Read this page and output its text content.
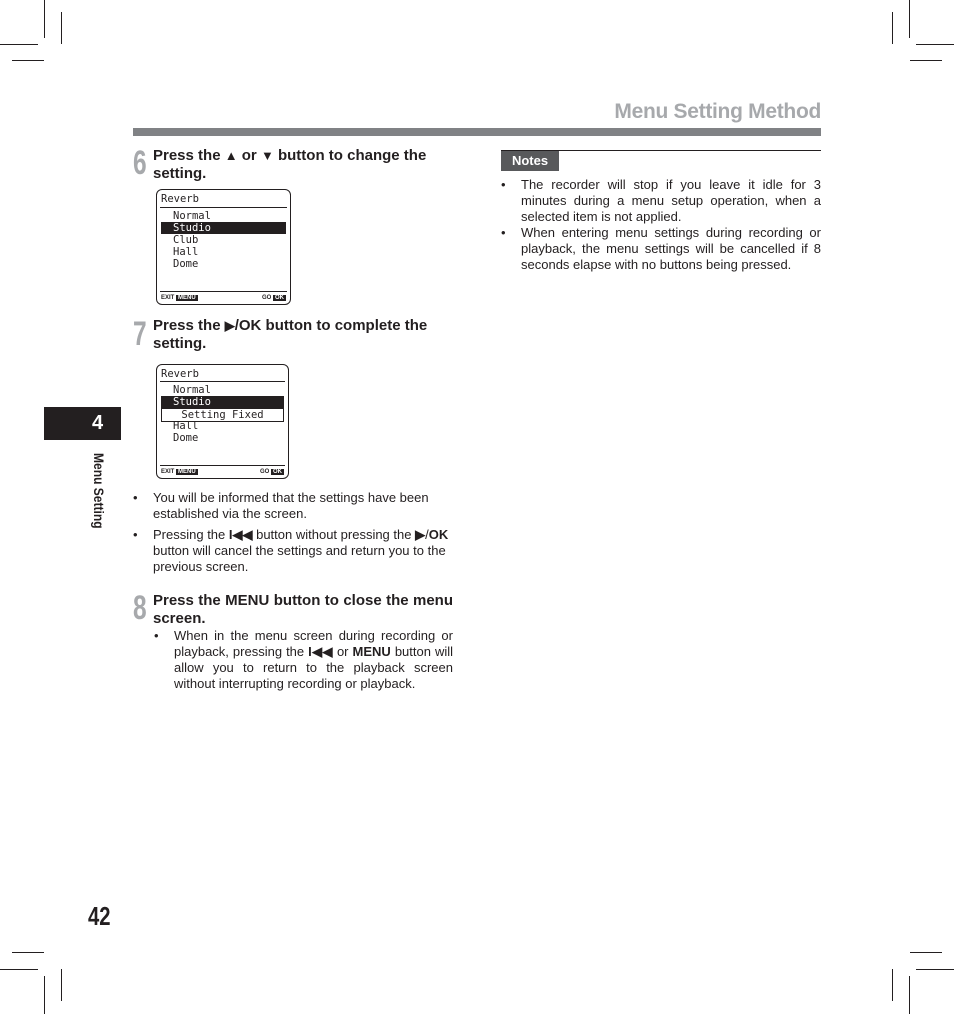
Menu Setting Method
6 Press the ▲ or ▼ button to change the setting.
Reverb
Normal
Studio
Club
Hall
Dome
EXIT MENU	GO OK
7 Press the ▶/OK button to complete the setting.
Reverb
Normal
Studio
Setting Fixed
Hall
Dome
EXIT MENU	GO OK
• You will be informed that the settings have been established via the screen.
• Pressing the I◀◀ button without pressing the ▶/OK button will cancel the settings and return you to the previous screen.
8 Press the MENU button to close the menu screen.
• When in the menu screen during recording or playback, pressing the I◀◀ or MENU button will allow you to return to the playback screen without interrupting recording or playback.
Notes
• The recorder will stop if you leave it idle for 3 minutes during a menu setup operation, when a selected item is not applied.
• When entering menu settings during recording or playback, the menu settings will be cancelled if 8 seconds elapse with no buttons being pressed.
4
Menu Setting
42
